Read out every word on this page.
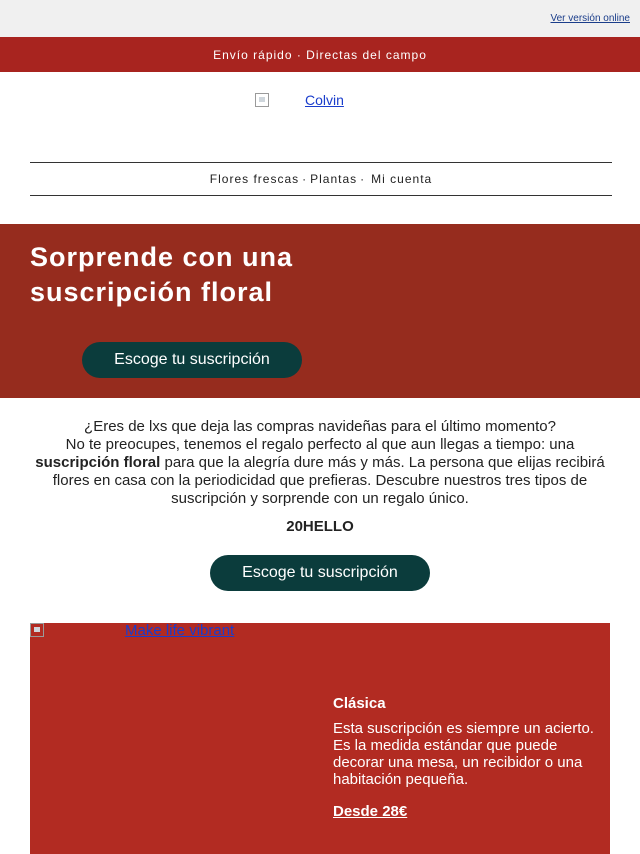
Ver versión online
Envío rápido · Directas del campo
Colvin
Flores frescas · Plantas · Mi cuenta
Sorprende con una suscripción floral
Escoge tu suscripción

¿Eres de lxs que deja las compras navideñas para el último momento?

No te preocupes, tenemos el regalo perfecto al que aun llegas a tiempo: una
suscripción floral para que la alegría dure más y más. La persona que elijas recibirá flores en casa con la periodicidad que prefieras. Descubre nuestros tres tipos de suscripción y sorprende con un regalo único.

20HELLO
Escoge tu suscripción
Make life vibrant
Clásica

Esta suscripción es siempre un acierto. Es la medida estándar que puede decorar una mesa, un recibidor o una habitación pequeña.

Desde 28€
